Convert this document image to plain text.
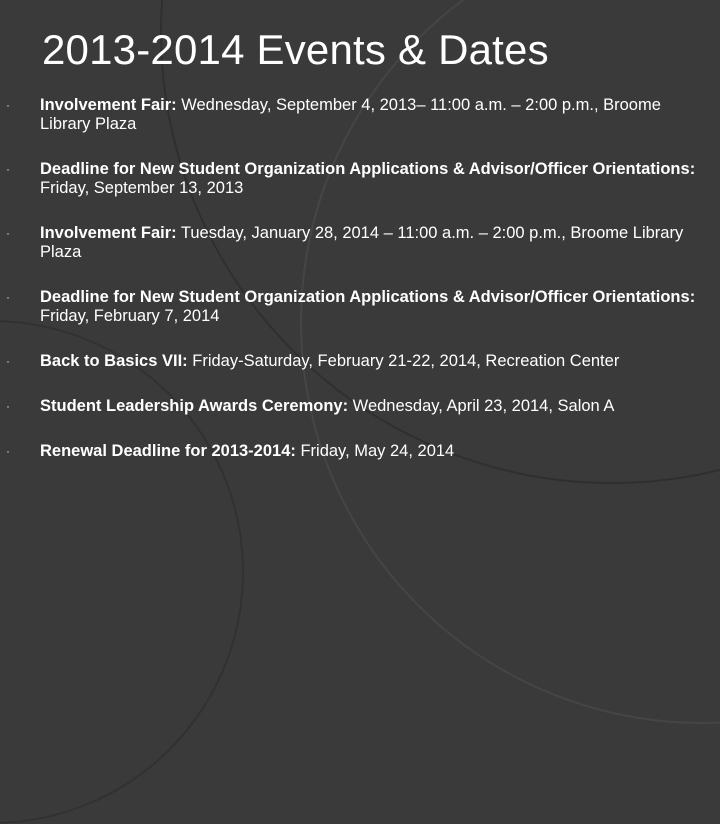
2013-2014 Events & Dates
· Involvement Fair: Wednesday, September 4, 2013– 11:00 a.m. – 2:00 p.m., Broome Library Plaza
· Deadline for New Student Organization Applications & Advisor/Officer Orientations: Friday, September 13, 2013
· Involvement Fair: Tuesday, January 28, 2014 – 11:00 a.m. – 2:00 p.m., Broome Library Plaza
· Deadline for New Student Organization Applications & Advisor/Officer Orientations: Friday, February 7, 2014
· Back to Basics VII: Friday-Saturday, February 21-22, 2014, Recreation Center
· Student Leadership Awards Ceremony: Wednesday, April 23, 2014, Salon A
· Renewal Deadline for 2013-2014: Friday, May 24, 2014
